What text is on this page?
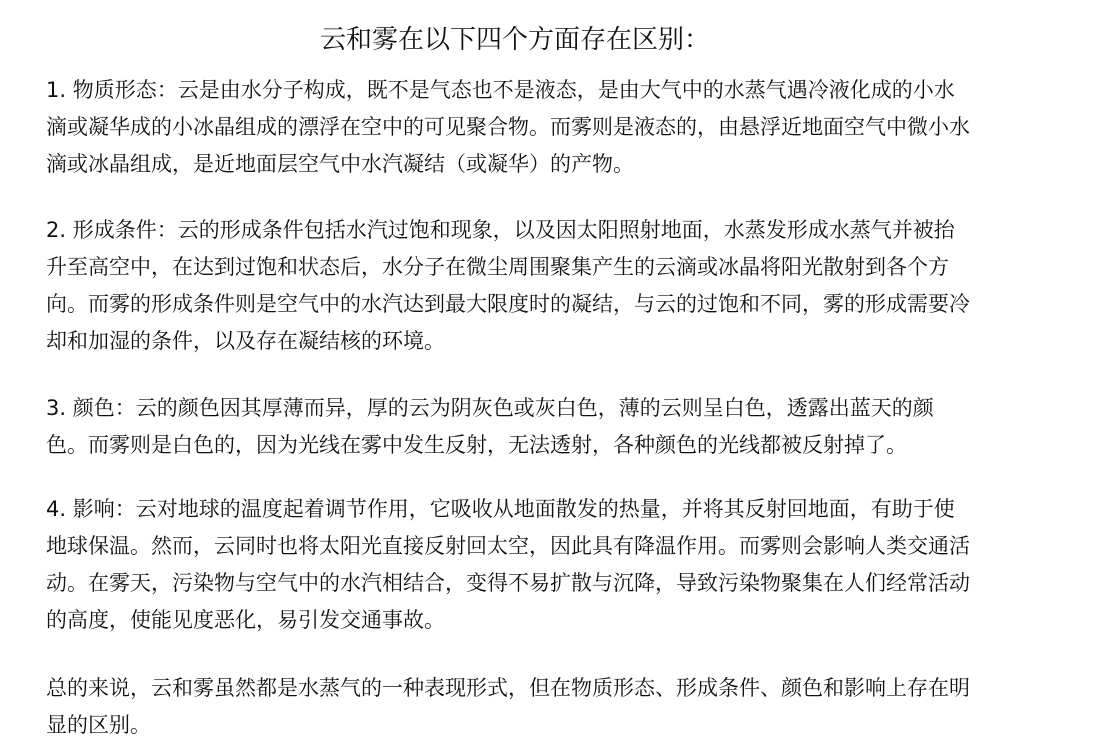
云和雾在以下四个方面存在区别：

1. 物质形态：云是由水分子构成，既不是气态也不是液态，是由大气中的水蒸气遇冷液化成的小水
滴或凝华成的小冰晶组成的漂浮在空中的可见聚合物。而雾则是液态的，由悬浮近地面空气中微小水
滴或冰晶组成，是近地面层空气中水汽凝结（或凝华）的产物。

2. 形成条件：云的形成条件包括水汽过饱和现象，以及因太阳照射地面，水蒸发形成水蒸气并被抬
升至高空中，在达到过饱和状态后，水分子在微尘周围聚集产生的云滴或冰晶将阳光散射到各个方
向。而雾的形成条件则是空气中的水汽达到最大限度时的凝结，与云的过饱和不同，雾的形成需要冷
却和加湿的条件，以及存在凝结核的环境。

3. 颜色：云的颜色因其厚薄而异，厚的云为阴灰色或灰白色，薄的云则呈白色，透露出蓝天的颜
色。而雾则是白色的，因为光线在雾中发生反射，无法透射，各种颜色的光线都被反射掉了。

4. 影响：云对地球的温度起着调节作用，它吸收从地面散发的热量，并将其反射回地面，有助于使
地球保温。然而，云同时也将太阳光直接反射回太空，因此具有降温作用。而雾则会影响人类交通活
动。在雾天，污染物与空气中的水汽相结合，变得不易扩散与沉降，导致污染物聚集在人们经常活动
的高度，使能见度恶化，易引发交通事故。

总的来说，云和雾虽然都是水蒸气的一种表现形式，但在物质形态、形成条件、颜色和影响上存在明
显的区别。
